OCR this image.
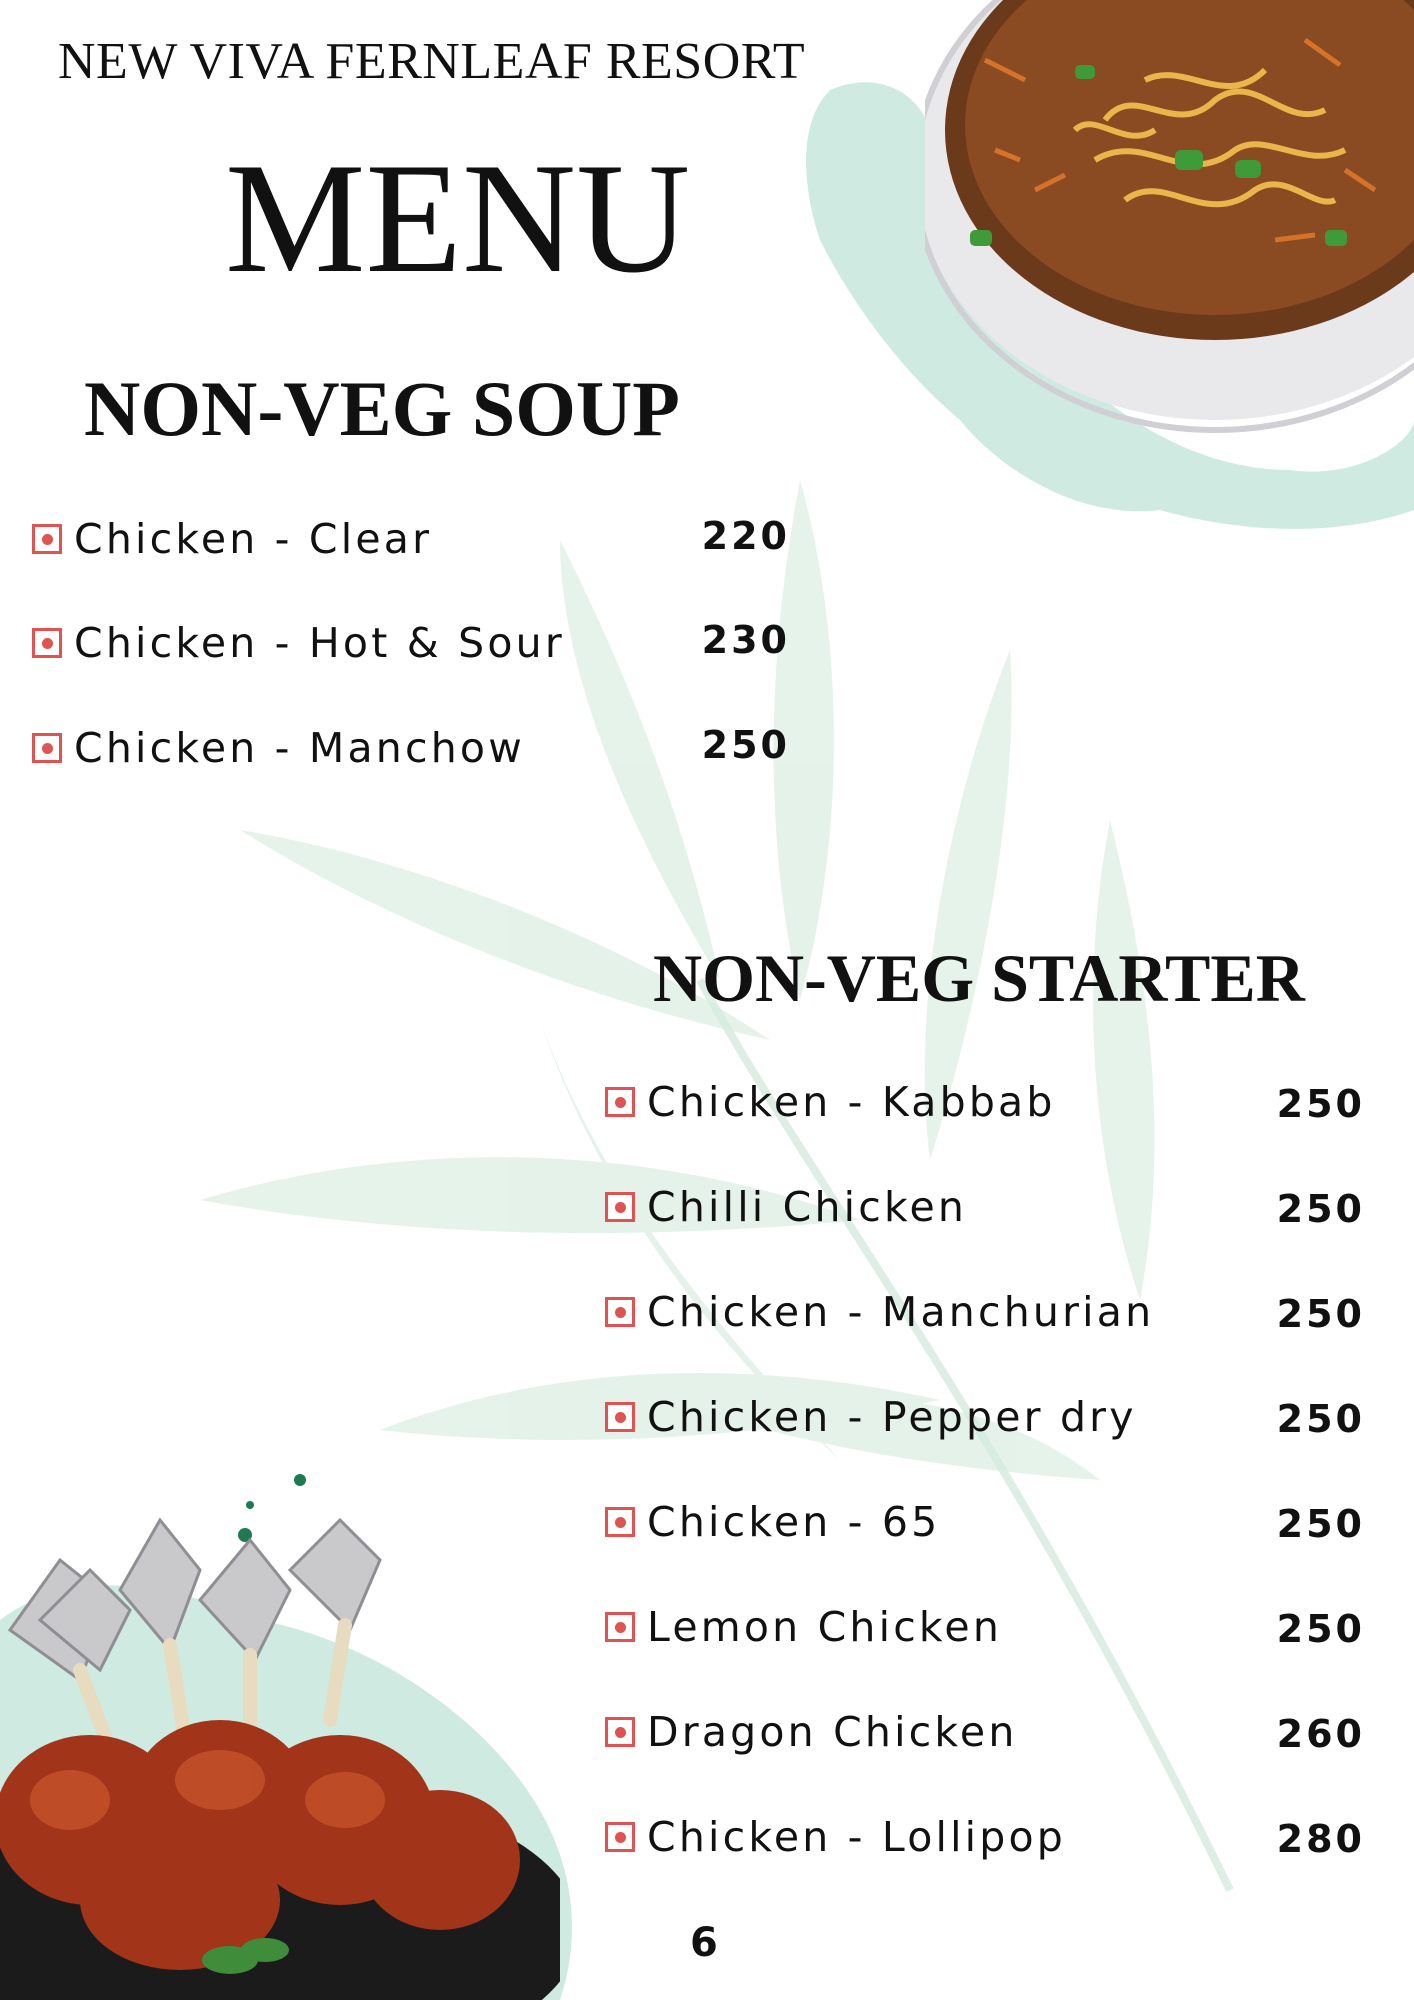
NEW VIVA FERNLEAF RESORT
MENU
NON-VEG SOUP
Chicken - Clear	220
Chicken - Hot & Sour	230
Chicken - Manchow	250
NON-VEG STARTER
Chicken - Kabbab	250
Chilli Chicken	250
Chicken - Manchurian	250
Chicken - Pepper dry	250
Chicken - 65	250
Lemon Chicken	250
Dragon Chicken	260
Chicken - Lollipop	280
6
